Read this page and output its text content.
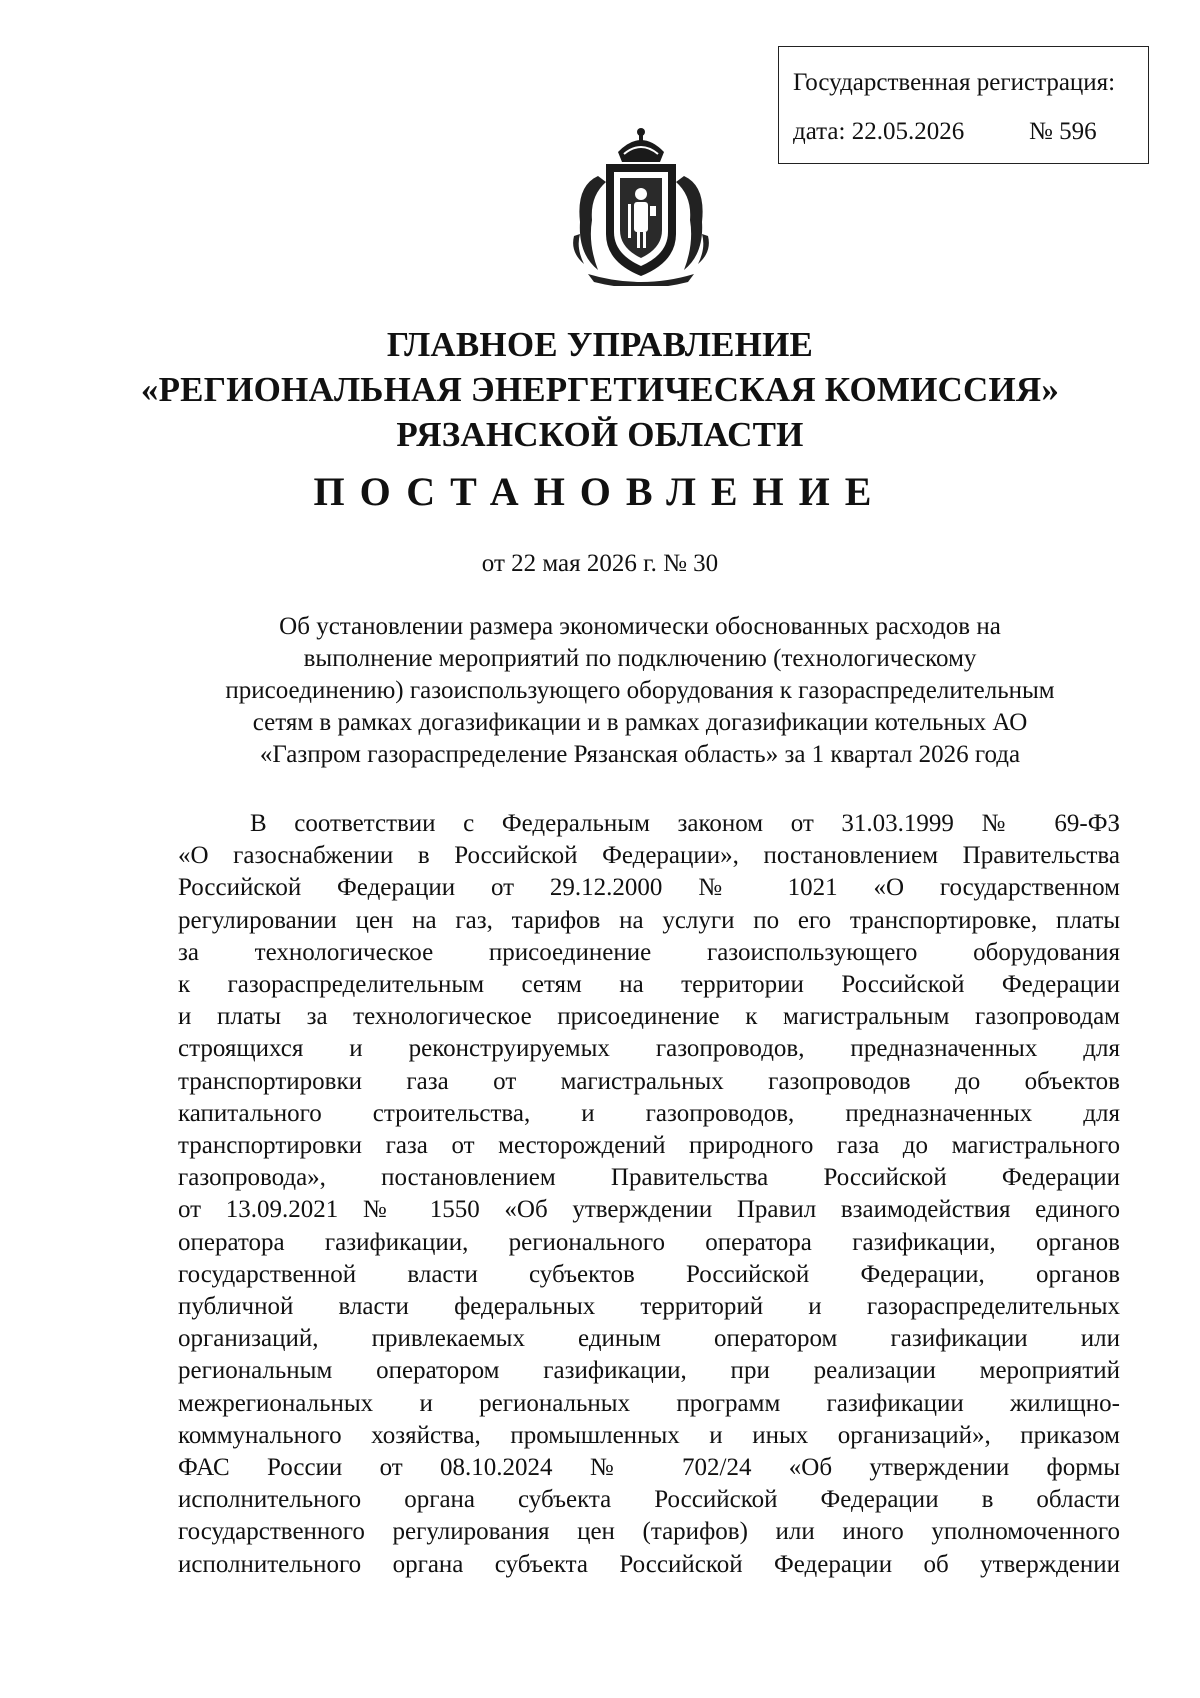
Государственная регистрация:
дата: 22.05.2026	№ 596
ГЛАВНОЕ УПРАВЛЕНИЕ
«РЕГИОНАЛЬНАЯ ЭНЕРГЕТИЧЕСКАЯ КОМИССИЯ»
РЯЗАНСКОЙ ОБЛАСТИ
ПОСТАНОВЛЕНИЕ
от 22 мая 2026 г. № 30
Об установлении размера экономически обоснованных расходов на
выполнение мероприятий по подключению (технологическому
присоединению) газоиспользующего оборудования к газораспределительным
сетям в рамках догазификации и в рамках догазификации котельных АО
«Газпром газораспределение Рязанская область» за 1 квартал 2026 года
В соответствии с Федеральным законом от 31.03.1999 № 69-ФЗ
«О газоснабжении в Российской Федерации», постановлением Правительства
Российской Федерации от 29.12.2000 № 1021 «О государственном
регулировании цен на газ, тарифов на услуги по его транспортировке, платы
за технологическое присоединение газоиспользующего оборудования
к газораспределительным сетям на территории Российской Федерации
и платы за технологическое присоединение к магистральным газопроводам
строящихся и реконструируемых газопроводов, предназначенных для
транспортировки газа от магистральных газопроводов до объектов
капитального строительства, и газопроводов, предназначенных для
транспортировки газа от месторождений природного газа до магистрального
газопровода», постановлением Правительства Российской Федерации
от 13.09.2021 № 1550 «Об утверждении Правил взаимодействия единого
оператора газификации, регионального оператора газификации, органов
государственной власти субъектов Российской Федерации, органов
публичной власти федеральных территорий и газораспределительных
организаций, привлекаемых единым оператором газификации или
региональным оператором газификации, при реализации мероприятий
межрегиональных и региональных программ газификации жилищно-
коммунального хозяйства, промышленных и иных организаций», приказом
ФАС России от 08.10.2024 № 702/24 «Об утверждении формы
исполнительного органа субъекта Российской Федерации в области
государственного регулирования цен (тарифов) или иного уполномоченного
исполнительного органа субъекта Российской Федерации об утверждении
